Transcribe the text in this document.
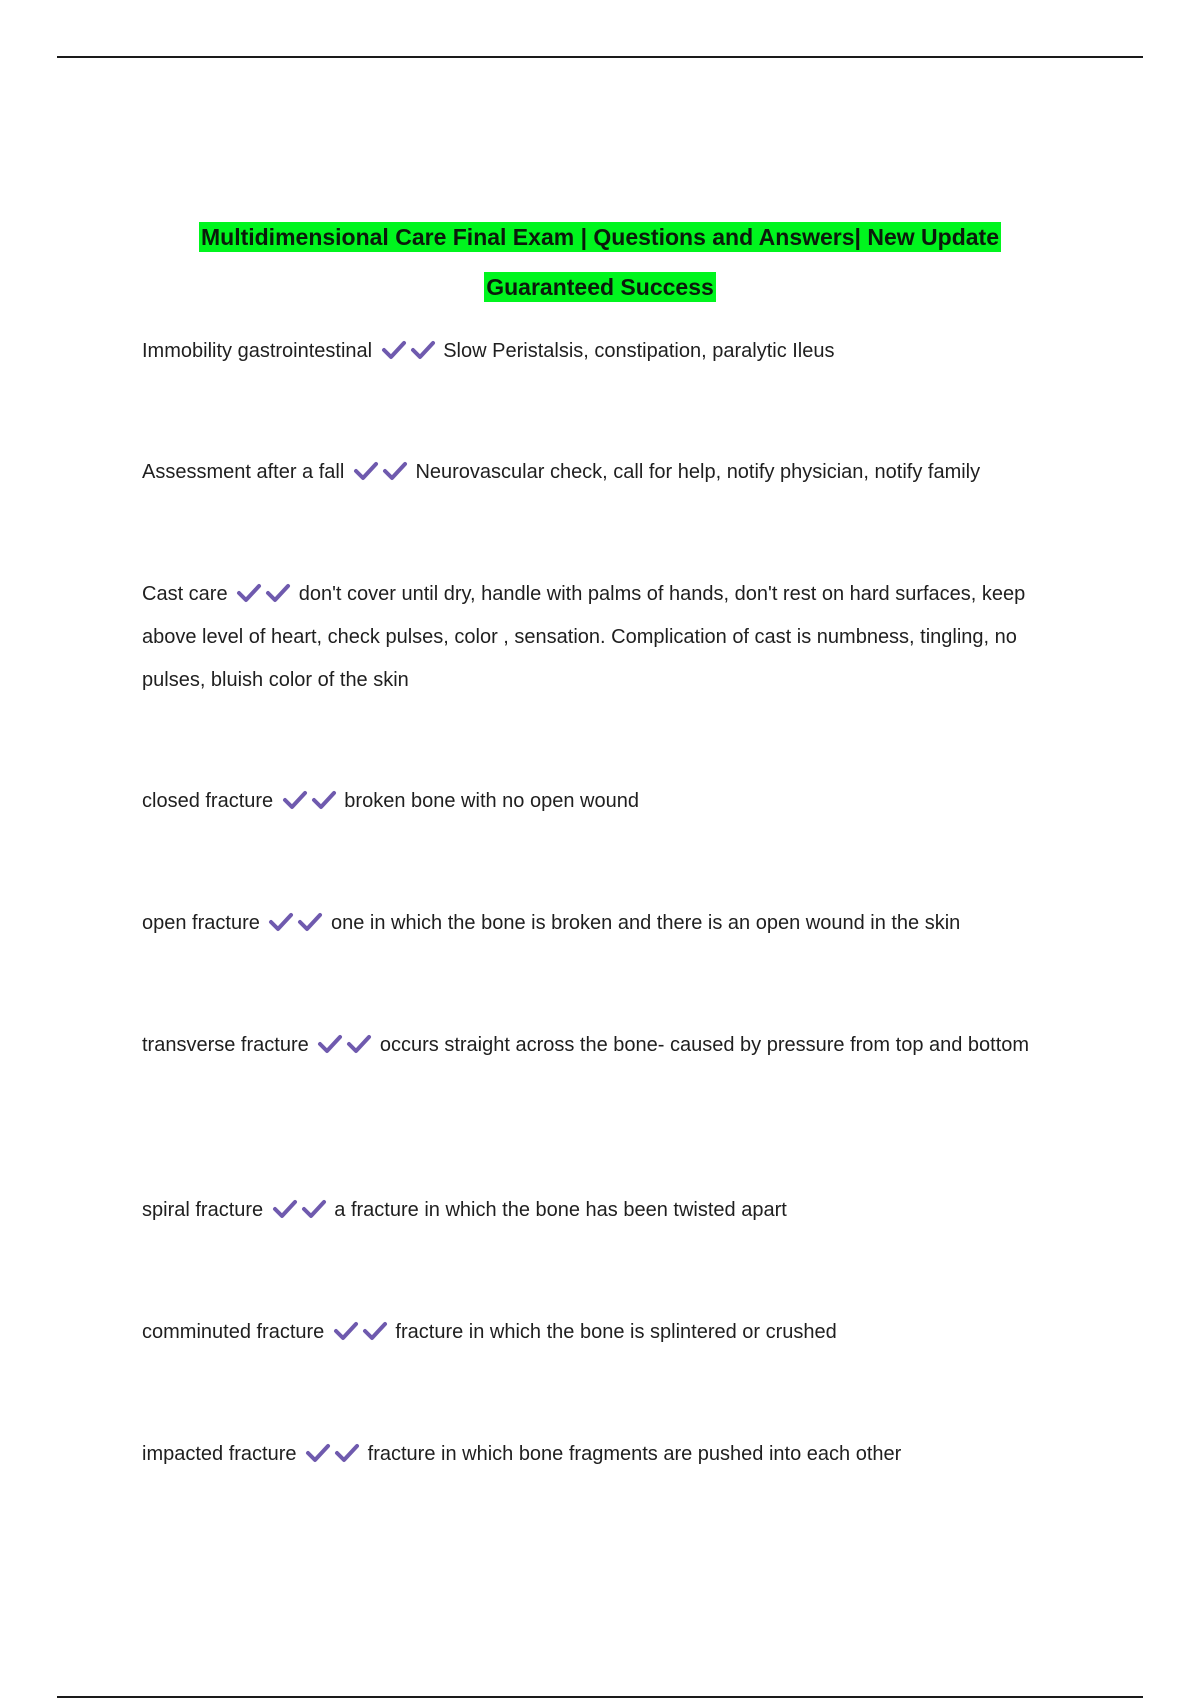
Multidimensional Care Final Exam | Questions and Answers| New Update
Guaranteed Success
Immobility gastrointestinal	Slow Peristalsis, constipation, paralytic Ileus
Assessment after a fall	Neurovascular check, call for help, notify physician, notify family
Cast care	don't cover until dry, handle with palms of hands, don't rest on hard surfaces, keep above level of heart, check pulses, color , sensation. Complication of cast is numbness, tingling, no pulses, bluish color of the skin
closed fracture	broken bone with no open wound
open fracture	one in which the bone is broken and there is an open wound in the skin
transverse fracture	occurs straight across the bone- caused by pressure from top and bottom
spiral fracture	a fracture in which the bone has been twisted apart
comminuted fracture	fracture in which the bone is splintered or crushed
impacted fracture	fracture in which bone fragments are pushed into each other
